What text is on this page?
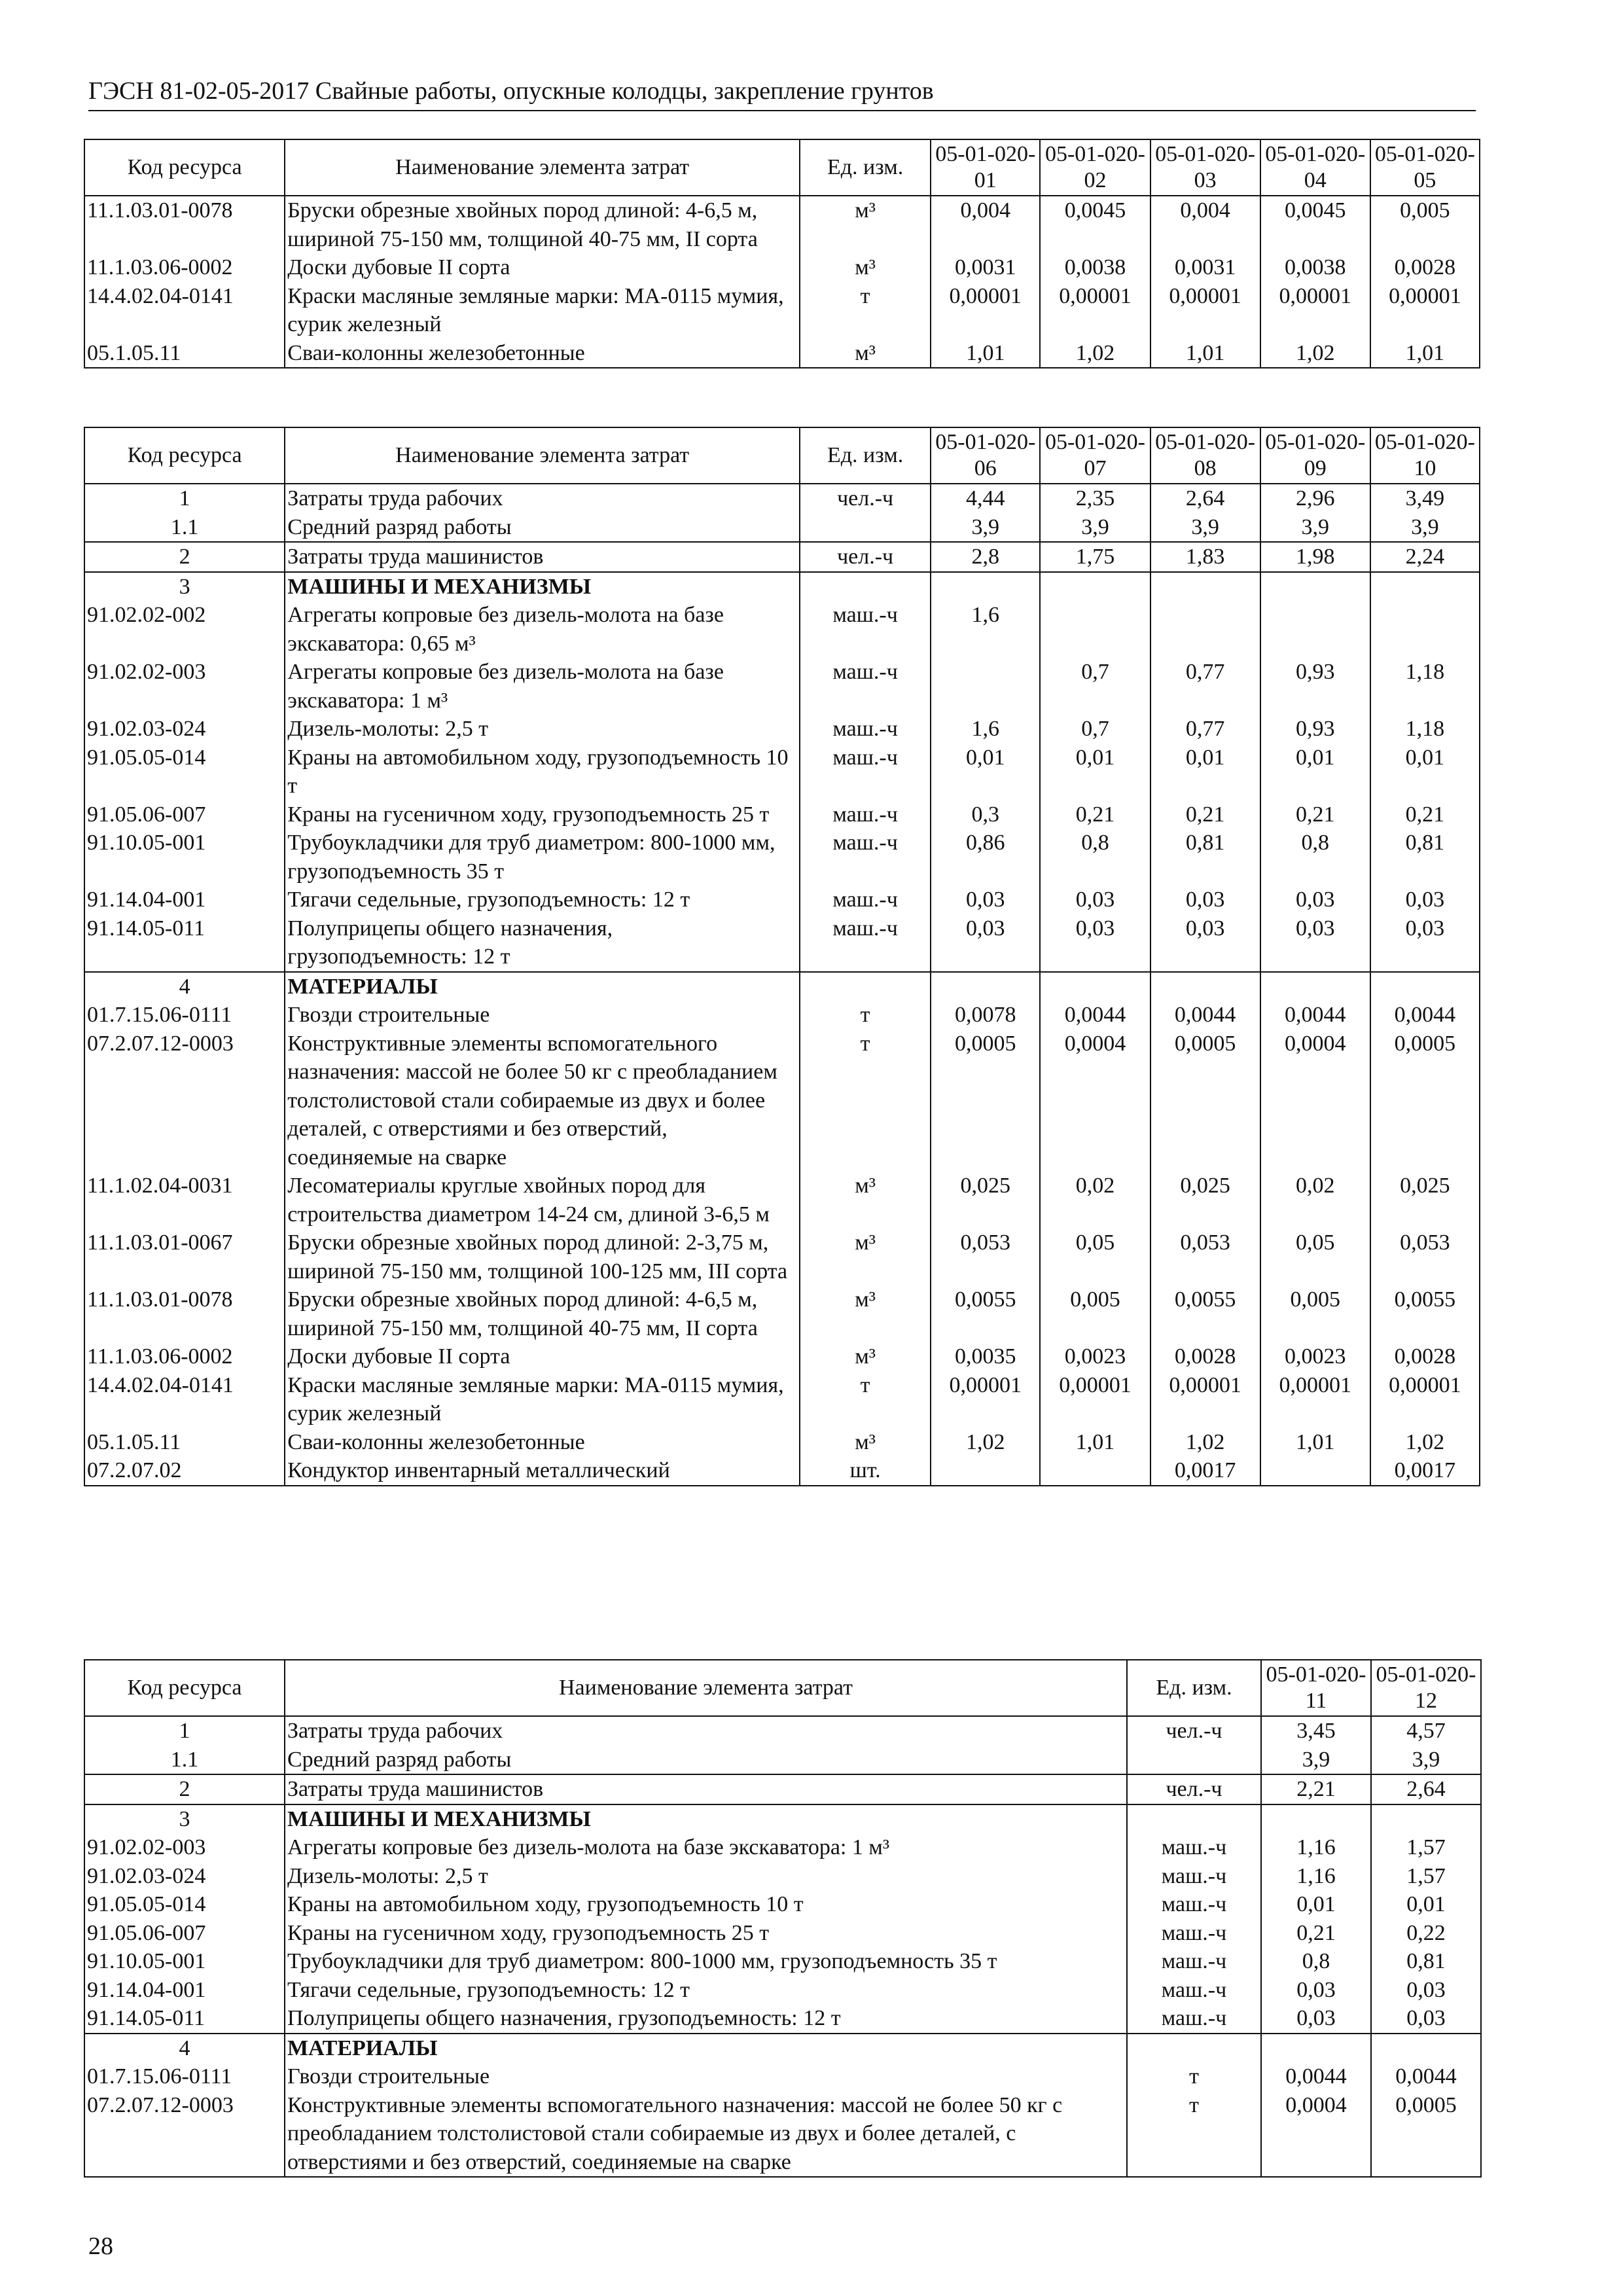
ГЭСН 81-02-05-2017 Свайные работы, опускные колодцы, закрепление грунтов
Код ресурса	Наименование элемента затрат	Ед. изм.	05-01-020-01	05-01-020-02	05-01-020-03	05-01-020-04	05-01-020-05
11.1.03.01-0078	Бруски обрезные хвойных пород длиной: 4-6,5 м, шириной 75-150 мм, толщиной 40-75 мм, II сорта	м³	0,004	0,0045	0,004	0,0045	0,005
11.1.03.06-0002	Доски дубовые II сорта	м³	0,0031	0,0038	0,0031	0,0038	0,0028
14.4.02.04-0141	Краски масляные земляные марки: МА-0115 мумия, сурик железный	т	0,00001	0,00001	0,00001	0,00001	0,00001
05.1.05.11	Сваи-колонны железобетонные	м³	1,01	1,02	1,01	1,02	1,01
Код ресурса	Наименование элемента затрат	Ед. изм.	05-01-020-06	05-01-020-07	05-01-020-08	05-01-020-09	05-01-020-10
1	Затраты труда рабочих	чел.-ч	4,44	2,35	2,64	2,96	3,49
1.1	Средний разряд работы		3,9	3,9	3,9	3,9	3,9
2	Затраты труда машинистов	чел.-ч	2,8	1,75	1,83	1,98	2,24
3	МАШИНЫ И МЕХАНИЗМЫ						
91.02.02-002	Агрегаты копровые без дизель-молота на базе экскаватора: 0,65 м³	маш.-ч	1,6				
91.02.02-003	Агрегаты копровые без дизель-молота на базе экскаватора: 1 м³	маш.-ч		0,7	0,77	0,93	1,18
91.02.03-024	Дизель-молоты: 2,5 т	маш.-ч	1,6	0,7	0,77	0,93	1,18
91.05.05-014	Краны на автомобильном ходу, грузоподъемность 10 т	маш.-ч	0,01	0,01	0,01	0,01	0,01
91.05.06-007	Краны на гусеничном ходу, грузоподъемность 25 т	маш.-ч	0,3	0,21	0,21	0,21	0,21
91.10.05-001	Трубоукладчики для труб диаметром: 800-1000 мм, грузоподъемность 35 т	маш.-ч	0,86	0,8	0,81	0,8	0,81
91.14.04-001	Тягачи седельные, грузоподъемность: 12 т	маш.-ч	0,03	0,03	0,03	0,03	0,03
91.14.05-011	Полуприцепы общего назначения, грузоподъемность: 12 т	маш.-ч	0,03	0,03	0,03	0,03	0,03
4	МАТЕРИАЛЫ						
01.7.15.06-0111	Гвозди строительные	т	0,0078	0,0044	0,0044	0,0044	0,0044
07.2.07.12-0003	Конструктивные элементы вспомогательного назначения: массой не более 50 кг с преобладанием толстолистовой стали собираемые из двух и более деталей, с отверстиями и без отверстий, соединяемые на сварке	т	0,0005	0,0004	0,0005	0,0004	0,0005
11.1.02.04-0031	Лесоматериалы круглые хвойных пород для строительства диаметром 14-24 см, длиной 3-6,5 м	м³	0,025	0,02	0,025	0,02	0,025
11.1.03.01-0067	Бруски обрезные хвойных пород длиной: 2-3,75 м, шириной 75-150 мм, толщиной 100-125 мм, III сорта	м³	0,053	0,05	0,053	0,05	0,053
11.1.03.01-0078	Бруски обрезные хвойных пород длиной: 4-6,5 м, шириной 75-150 мм, толщиной 40-75 мм, II сорта	м³	0,0055	0,005	0,0055	0,005	0,0055
11.1.03.06-0002	Доски дубовые II сорта	м³	0,0035	0,0023	0,0028	0,0023	0,0028
14.4.02.04-0141	Краски масляные земляные марки: МА-0115 мумия, сурик железный	т	0,00001	0,00001	0,00001	0,00001	0,00001
05.1.05.11	Сваи-колонны железобетонные	м³	1,02	1,01	1,02	1,01	1,02
07.2.07.02	Кондуктор инвентарный металлический	шт.			0,0017		0,0017
Код ресурса	Наименование элемента затрат	Ед. изм.	05-01-020-11	05-01-020-12
1	Затраты труда рабочих	чел.-ч	3,45	4,57
1.1	Средний разряд работы		3,9	3,9
2	Затраты труда машинистов	чел.-ч	2,21	2,64
3	МАШИНЫ И МЕХАНИЗМЫ			
91.02.02-003	Агрегаты копровые без дизель-молота на базе экскаватора: 1 м³	маш.-ч	1,16	1,57
91.02.03-024	Дизель-молоты: 2,5 т	маш.-ч	1,16	1,57
91.05.05-014	Краны на автомобильном ходу, грузоподъемность 10 т	маш.-ч	0,01	0,01
91.05.06-007	Краны на гусеничном ходу, грузоподъемность 25 т	маш.-ч	0,21	0,22
91.10.05-001	Трубоукладчики для труб диаметром: 800-1000 мм, грузоподъемность 35 т	маш.-ч	0,8	0,81
91.14.04-001	Тягачи седельные, грузоподъемность: 12 т	маш.-ч	0,03	0,03
91.14.05-011	Полуприцепы общего назначения, грузоподъемность: 12 т	маш.-ч	0,03	0,03
4	МАТЕРИАЛЫ			
01.7.15.06-0111	Гвозди строительные	т	0,0044	0,0044
07.2.07.12-0003	Конструктивные элементы вспомогательного назначения: массой не более 50 кг с преобладанием толстолистовой стали собираемые из двух и более деталей, с отверстиями и без отверстий, соединяемые на сварке	т	0,0004	0,0005
28
